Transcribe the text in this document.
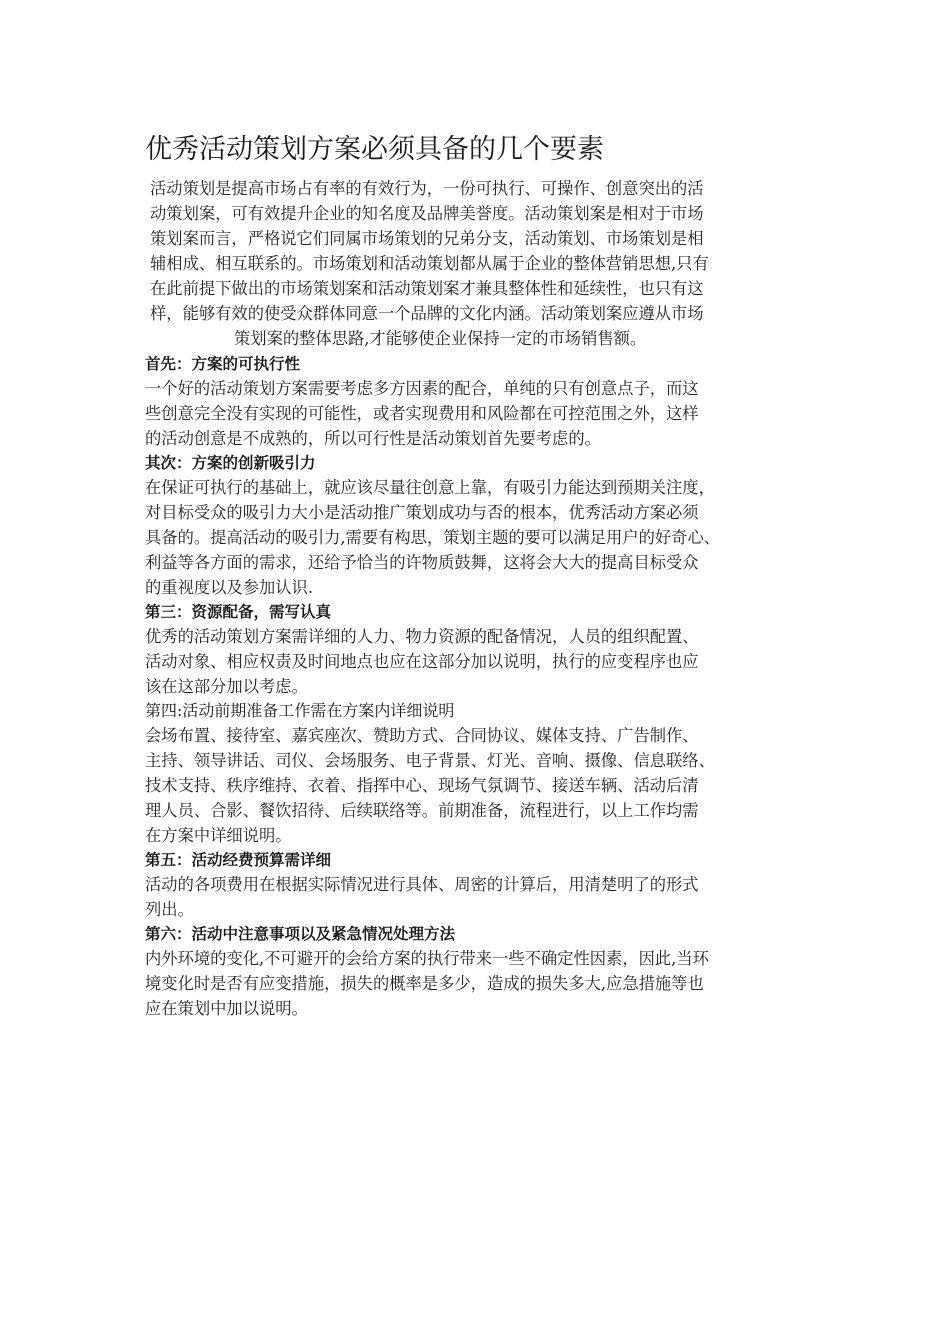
优秀活动策划方案必须具备的几个要素

活动策划是提高市场占有率的有效行为，一份可执行、可操作、创意突出的活
动策划案，可有效提升企业的知名度及品牌美誉度。活动策划案是相对于市场
策划案而言，严格说它们同属市场策划的兄弟分支，活动策划、市场策划是相
辅相成、相互联系的。市场策划和活动策划都从属于企业的整体营销思想,只有
在此前提下做出的市场策划案和活动策划案才兼具整体性和延续性，也只有这
样，能够有效的使受众群体同意一个品牌的文化内涵。活动策划案应遵从市场
策划案的整体思路,才能够使企业保持一定的市场销售额。

首先：方案的可执行性

一个好的活动策划方案需要考虑多方因素的配合，单纯的只有创意点子，而这
些创意完全没有实现的可能性，或者实现费用和风险都在可控范围之外，这样
的活动创意是不成熟的，所以可行性是活动策划首先要考虑的。

其次：方案的创新吸引力

在保证可执行的基础上，就应该尽量往创意上靠，有吸引力能达到预期关注度，
对目标受众的吸引力大小是活动推广策划成功与否的根本，优秀活动方案必须
具备的。提高活动的吸引力,需要有构思，策划主题的要可以满足用户的好奇心、
利益等各方面的需求，还给予恰当的许物质鼓舞，这将会大大的提高目标受众
的重视度以及参加认识.

第三：资源配备，需写认真

优秀的活动策划方案需详细的人力、物力资源的配备情况，人员的组织配置、
活动对象、相应权责及时间地点也应在这部分加以说明，执行的应变程序也应
该在这部分加以考虑。

第四:活动前期准备工作需在方案内详细说明

会场布置、接待室、嘉宾座次、赞助方式、合同协议、媒体支持、广告制作、
主持、领导讲话、司仪、会场服务、电子背景、灯光、音响、摄像、信息联络、
技术支持、秩序维持、衣着、指挥中心、现场气氛调节、接送车辆、活动后清
理人员、合影、餐饮招待、后续联络等。前期准备，流程进行，以上工作均需
在方案中详细说明。

第五：活动经费预算需详细

活动的各项费用在根据实际情况进行具体、周密的计算后，用清楚明了的形式
列出。

第六：活动中注意事项以及紧急情况处理方法

内外环境的变化,不可避开的会给方案的执行带来一些不确定性因素，因此,当环
境变化时是否有应变措施，损失的概率是多少，造成的损失多大,应急措施等也
应在策划中加以说明。
